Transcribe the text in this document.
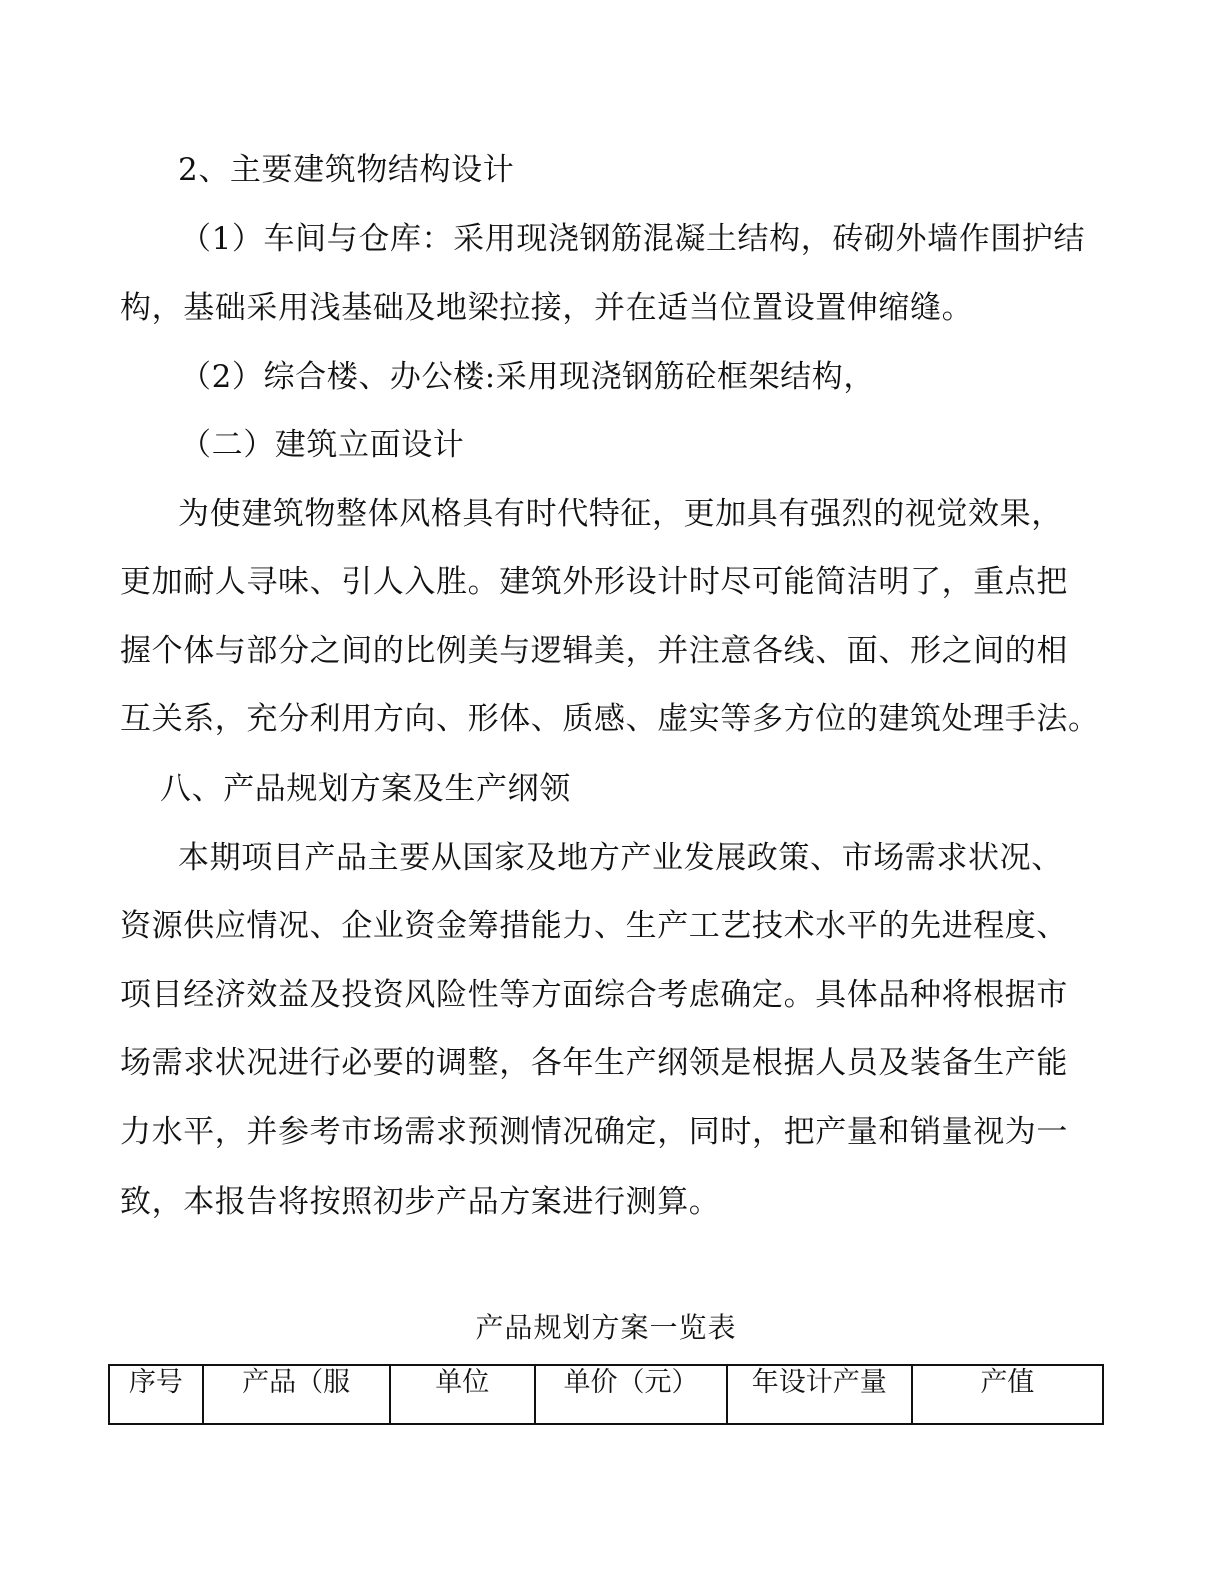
2、主要建筑物结构设计
（1）车间与仓库：采用现浇钢筋混凝土结构，砖砌外墙作围护结
构，基础采用浅基础及地梁拉接，并在适当位置设置伸缩缝。
（2）综合楼、办公楼:采用现浇钢筋砼框架结构，
（二）建筑立面设计
为使建筑物整体风格具有时代特征，更加具有强烈的视觉效果，
更加耐人寻味、引人入胜。建筑外形设计时尽可能简洁明了，重点把
握个体与部分之间的比例美与逻辑美，并注意各线、面、形之间的相
互关系，充分利用方向、形体、质感、虚实等多方位的建筑处理手法。
八、产品规划方案及生产纲领
本期项目产品主要从国家及地方产业发展政策、市场需求状况、
资源供应情况、企业资金筹措能力、生产工艺技术水平的先进程度、
项目经济效益及投资风险性等方面综合考虑确定。具体品种将根据市
场需求状况进行必要的调整，各年生产纲领是根据人员及装备生产能
力水平，并参考市场需求预测情况确定，同时，把产量和销量视为一
致，本报告将按照初步产品方案进行测算。
产品规划方案一览表
序号	产品（服	单位	单价（元）	年设计产量	产值
